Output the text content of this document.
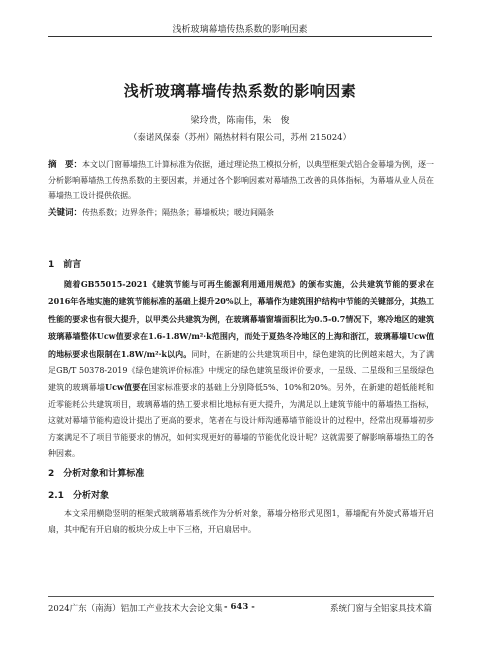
浅析玻璃幕墙传热系数的影响因素
浅析玻璃幕墙传热系数的影响因素
梁玲贵，陈南伟，朱　俊
（泰诺风保泰（苏州）隔热材料有限公司，苏州 215024）
摘　要：本文以门窗幕墙热工计算标准为依据，通过理论热工模拟分析，以典型框架式铝合金幕墙为例，逐一分析影响幕墙热工传热系数的主要因素，并通过各个影响因素对幕墙热工改善的具体指标，为幕墙从业人员在幕墙热工设计提供依据。
关键词：传热系数；边界条件；隔热条；幕墙板块；暖边间隔条
1　前言
随着GB55015-2021《建筑节能与可再生能源利用通用规范》的颁布实施，公共建筑节能的要求在2016年各地实施的建筑节能标准的基础上提升20%以上，幕墙作为建筑围护结构中节能的关键部分，其热工性能的要求也有很大提升，以甲类公共建筑为例，在玻璃幕墙窗墙面积比为0.5-0.7情况下，寒冷地区的建筑玻璃幕墙整体Ucw值要求在1.6-1.8W/m²·k范围内，而处于夏热冬冷地区的上海和浙江，玻璃幕墙Ucw值的地标要求也限制在1.8W/m²·k以内。同时，在新建的公共建筑项目中，绿色建筑的比例越来越大，为了满足GB/T 50378-2019《绿色建筑评价标准》中规定的绿色建筑星级评价要求，一星级、二星级和三星级绿色建筑的玻璃幕墙Ucw值要在国家标准要求的基础上分别降低5%、10%和20%。另外，在新建的超低能耗和近零能耗公共建筑项目，玻璃幕墙的热工要求相比地标有更大提升，为满足以上建筑节能中的幕墙热工指标，这就对幕墙节能构造设计提出了更高的要求，笔者在与设计师沟通幕墙节能设计的过程中，经常出现幕墙初步方案满足不了项目节能要求的情况，如何实现更好的幕墙的节能优化设计呢？这就需要了解影响幕墙热工的各种因素。
2　分析对象和计算标准
2.1　分析对象
本文采用横隐竖明的框架式玻璃幕墙系统作为分析对象，幕墙分格形式见图1，幕墙配有外旋式幕墙开启扇，其中配有开启扇的板块分成上中下三格，开启扇居中。
2024广东（南海）铝加工产业技术大会论文集 - 643 -	系统门窗与全铝家具技术篇
